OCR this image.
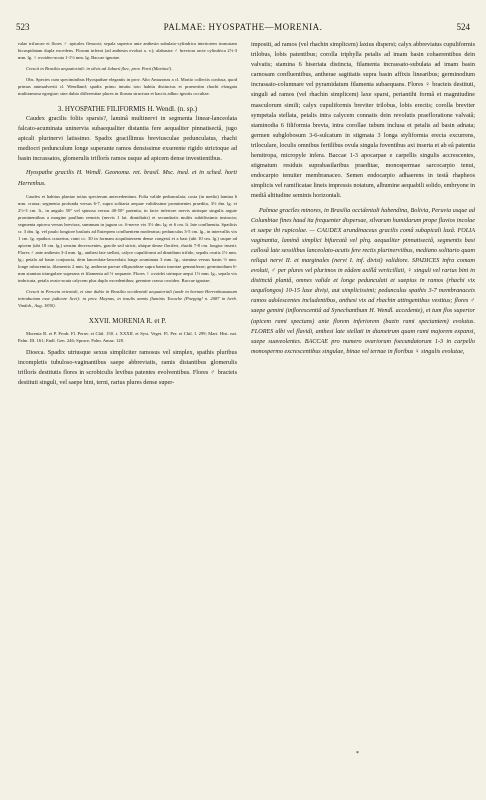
523	PALMAE: HYOSPATHE—MORENIA.	524

rulae trifurcae et flores ♂ apicales flexuosi; sepala superior ante anthesin subulato-cylindrica interiorem truncatam bicuspidatam dupla excedens. Florum inferni (ad anthesin evoluti a. v.); alabastra ♂ breviora arcte cylindrica 2½-3 mm. lg. ♀ ovoideo-acuta 1-1½ mm. lg. Baccae ignotae.

Crescit in Brasilia aequatoriali: in silvis ad Jaburú fluv., prov. Pará (Martius!).

Obs. Species cum speciminibus Hyospathae elegantis in prov. Alto Amazonas a cl. Martio collectis confusa, quod primus animadvertit cl. Wendland; spadix primo intuitu toto habitu distinctus et praesertim rhachi elongata multiramosa egregiae; sine dubio differentiae plures in florum structura et baccis adhuc ignotis occultae.

3. HYOSPATHE FILIFORMIS H. Wendl. (n. sp.)

Caudex gracilis foliis sparsis?, laminâ multinervi in segmenta linear-lanceolata falcato-acuminata uninervia subaequaliter distantia fere aequaliter pinnatisectâ, jugo apicali plurinervi latissimo. Spadix gracillimus breviusculae pedunculatus, rhachi mediocri pedunculum longe superante ramos densissime exserente rigido strictoque ad basin incrassatos, glomerulis triflorís ramos usque ad apicem dense investientibus.

Hyospathe gracilis H. Wendl. Geonoma. ret. brasil. Msc. ined. et in sched. horti Herrenhus.

Caudex et habitus plantae totius specierum antecedentium. Folia valide pedunculata; costa (in medio) lamina 6 mm. crassa; segmenta profunda versus 6-7, supra solitaria aequae validissime prominentes praedita, 3½ dm. lg. et 2½-3 cm. lt., in angulo 50° vel spinosa versus 40-50° patentia, in facie inferiore nervis utrinque singulis argute prominentibus a margine paullum remotis (nervis 1 lat. dimidiatis) et secundariis multis subtilissimis instructa; segmenta apicera versus breviora, summum in jugum oc. 6-nerve vix 3½ dm. lg. et 6 cm. lt. late confluentia. Spadicis cr. 3 dm. lg. vel paulo longiore baslaris ad Euterpem confluentem moderatus; pedunculus 3-5 cm. lg., in intervallis vix 1 cm. lg. epathos craserius; rami cc. 30 in formam acquilateraem dense congesti et a basi (ubi 10 cm. lg.) usque ad apicem (ubi 18 cm. lg.) sensim decrescentes, gracile sed stricti, ubique dense floriferi, rhachi 7-8 cm. longior inserti. Flores ♂ ante anthesin 3-4 mm. lg., anthesi late stellati, calyce cupuliformi ad dimidium trifido, sepalis ovatis 1½ mm. lg.; petala ad basin conjuncta, dein lanceolata-lanceolata longe acuminata 3 mm. lg.; stamina versus basin ½ mm. longe rubacemtia, filamentis 2 mm. lg. antherae parvae ellipsoideae supra basin insertae gemmiferae; germinodium 6-mm stamina triangulare superans et filamenta ad ½ sequante. Flores ♀ ovoidei utrinque aequi 1½ mm. lg., sepala vix imbricata, petala ovato-acuta calycem plus duplo excedentibus; germine crasso ovoideo. Baccae ignotae.

Crescit in Peruvia orientali, et sine dubio in Brasilia occidentali aequatoriali (unde in hortum Herrenhausanum introductam esse judicare licet): in prov. Maynas, in insulis amnis fluminis Tocache (Poeppig! n. 2087 in herb. Vindob., Aug. 1830).

XXVII. MORENIA R. et P.

Morenia R. et P. Prodr. Fl. Peruv. et Chil. 150. t. XXXII. et Syst. Veget. Fl. Per. et Chil. I. 299; Mart. Hist. nat. Palm. III. 161; Endl. Gen. 246; Spruce, Palm. Amaz. 128.

Dioeca. Spadix utriusque sexus simpliciter ramosus vel simplex, spathis pluribus incompletis tubuloso-vaginantibus saepe abbreviatis, ramis distantibus glomerulis triflorís destitutis flores in scrobiculis levibus patentes evolventibus. Flores ♂ bracteis destituti singuli, vel saepe bini, terni, rarius plures dense super-

impositi, ad ramos (vel rhachin simplicem) laxius dispersi; calyx abbreviatus cupuliformis trilobus, lobis patentibus; corolla triphylla petalis ad imam basin cohaerentibus dein valvatis; stamina 6 biseriata distincta, filamenta incrassato-subulata ad imam basin carnosam confluentibus, antherae sagittatis supra basin affixis linearibus; germinodium incrassato-columnare vel pyramidatum filamenta subaequans. Flores ♀ bracteis destituti, singuli ad ramos (vel rhachin simplicem) laxe sparsi, periantihi formâ et magnitudine masculorum simili; calyx cupuliformis breviter trilobus, lobis erectis; corolla breviter sympetala stellata, petalis intra calycem connatis dein revolutis praefloratione valvatâ; staminodia 6 filiformia brevia, intra corollae tubum inclusa et petalis ad basin adnata; germen subglobosum 3-6-sulcatum in stigmata 3 longa styliformia erecta excurrens, triloculare, loculis omnibus fertilibus ovula singula foventibus axi inserta et ab eâ patentia hemitropa, micropyle infera. Baccae 1-3 apocarpae e carpellis singulis accrescentes, stigmatum residuis suprabasilaribus praeditae, monospermae sarcocarpio tenui, endocarpio tenuiter membranaceo. Semen endocarpio adhaerens in testâ rhapheos simplicis vel ramificatae lineis impressis notatum, albumine aequabili solido, embryone in mediâ altitudine seminis horizontali.

Palmae graciles minores, in Brasilia occidentali habendina, Bolivia, Peruvia usque ad Columbiae fines haud ita frequenter dispersae, silvarum humidarum prope fluvios incolae et saepe ibi rupicolae. — CAUDEX arundinaceus gracilis comâ subapicali laxâ. FOLIA vaginantia, laminâ simplici bifurcatâ vel plrq. aequaliter pinnatisectâ, segmentis basi callosâ late sessilibus lanceolato-acutis fere rectis plurinerviibus, mediano solitario quam reliqui nervi II. et marginales (nervi I. inf. divisi) validiore. SPADICES infra comam evoluti, ♂ per plures vel plurimos in eâdem axillâ verticillati, ♀ singuli vel rarius bini in distinctâ plantâ, omnes valide et longe pedunculati et saepius in ramos (rhachi vix aequilongos) 10-15 laxe diviși, aut simplicissimi; pedunculus spathis 3-7 membranaceis ramos adolescentes includentibus, anthesi vix ad rhachin attingentibus vestitus; flores ♂ saepe gemini (inflorescentiâ ad Synechanthum H. Wendl. accedente), et tum flos superior (apicem rami spectans) ante florem inferiorem (bazin rami spectantem) evolutus. FLORES albi vel flavidi, anthesi late stellati in diametrum quam rami majorem expansi, saepe suaveolentes. BACCAE pro numero ovariorum foecundatorum 1-3 in carpello monospermo excrescentibus singulae, binae vel ternae in floribus ♀ singulis evolutae,

*
